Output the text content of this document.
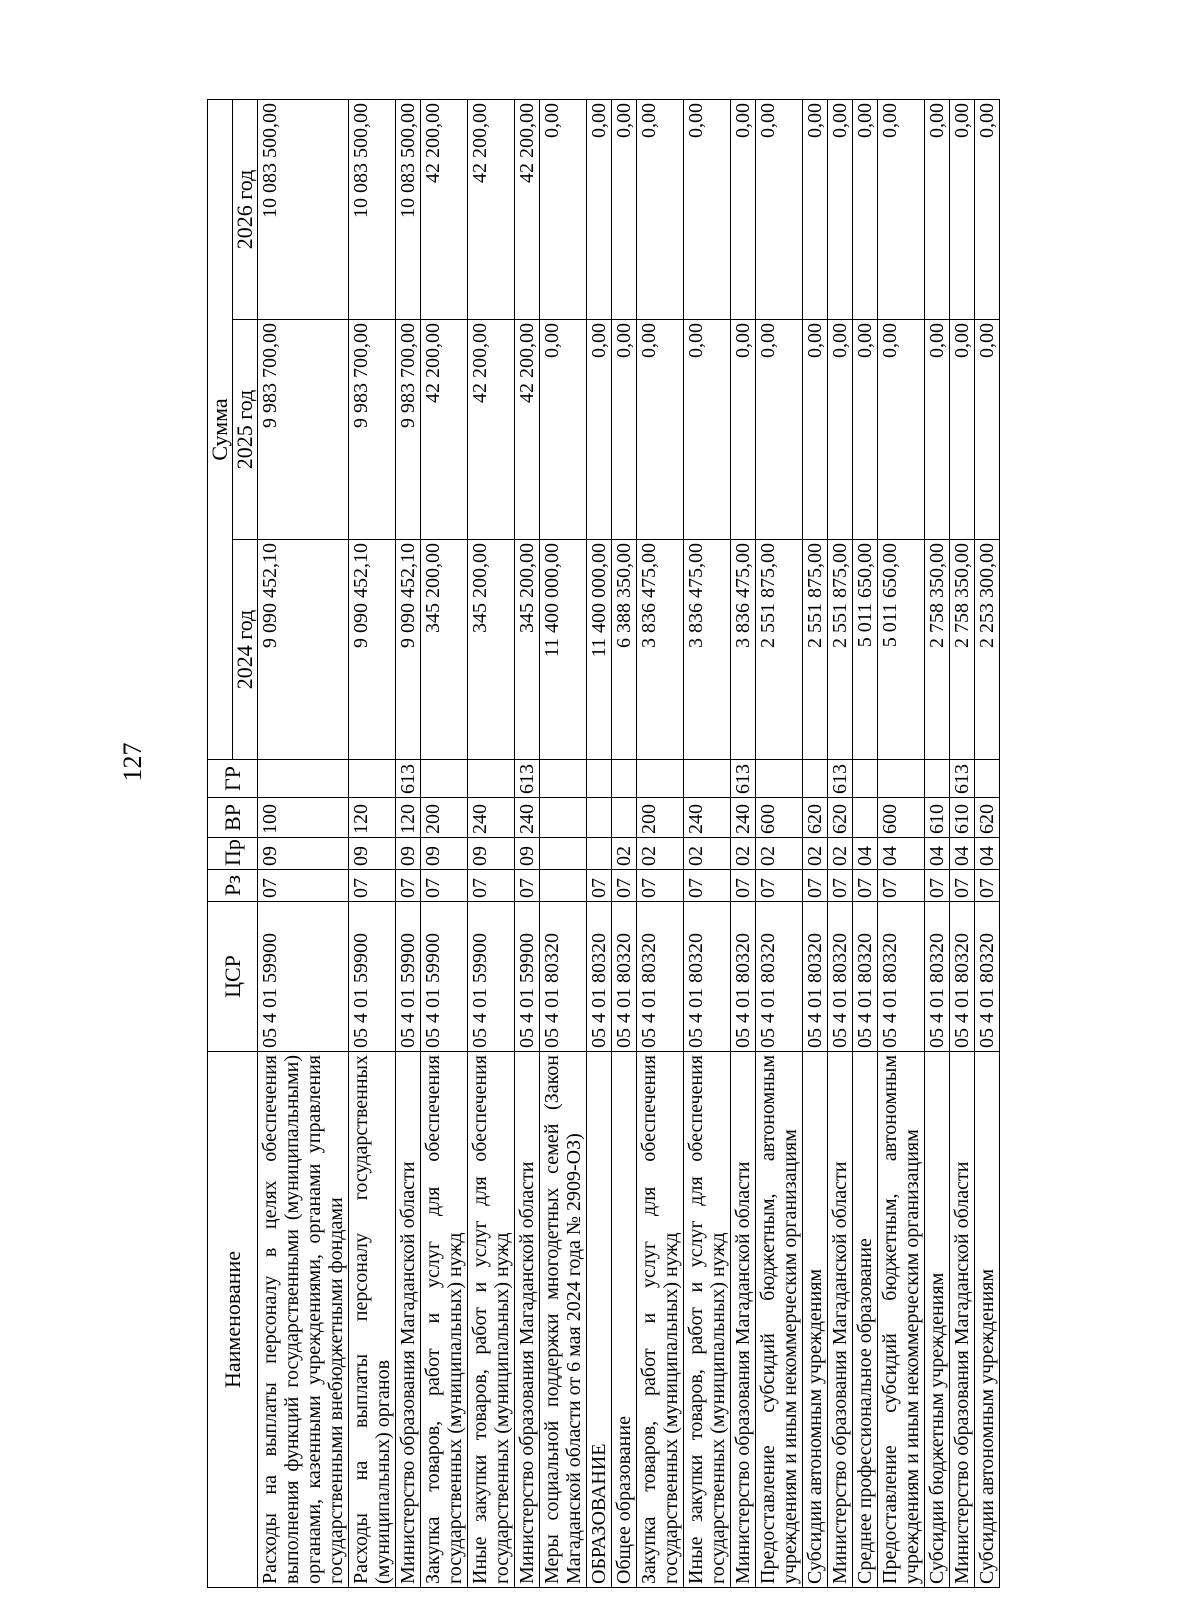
127
Наименование	ЦСР	Рз	Пр	ВР	ГР	Сумма		
						2024 год	2025 год	2026 год
Расходы на выплаты персоналу в целях обеспечения выполнения функций государственными (муниципальными) органами, казенными учреждениями, органами управления государственными внебюджетными фондами	05 4 01 59900	07	09	100		9 090 452,10	9 983 700,00	10 083 500,00
Расходы на выплаты персоналу государственных (муниципальных) органов	05 4 01 59900	07	09	120		9 090 452,10	9 983 700,00	10 083 500,00
Министерство образования Магаданской области	05 4 01 59900	07	09	120	613	9 090 452,10	9 983 700,00	10 083 500,00
Закупка товаров, работ и услуг для обеспечения государственных (муниципальных) нужд	05 4 01 59900	07	09	200		345 200,00	42 200,00	42 200,00
Иные закупки товаров, работ и услуг для обеспечения государственных (муниципальных) нужд	05 4 01 59900	07	09	240		345 200,00	42 200,00	42 200,00
Министерство образования Магаданской области	05 4 01 59900	07	09	240	613	345 200,00	42 200,00	42 200,00
Меры социальной поддержки многодетных семей (Закон Магаданской области от 6 мая 2024 года № 2909-ОЗ)	05 4 01 80320					11 400 000,00	0,00	0,00
ОБРАЗОВАНИЕ	05 4 01 80320	07				11 400 000,00	0,00	0,00
Общее образование	05 4 01 80320	07	02			6 388 350,00	0,00	0,00
Закупка товаров, работ и услуг для обеспечения государственных (муниципальных) нужд	05 4 01 80320	07	02	200		3 836 475,00	0,00	0,00
Иные закупки товаров, работ и услуг для обеспечения государственных (муниципальных) нужд	05 4 01 80320	07	02	240		3 836 475,00	0,00	0,00
Министерство образования Магаданской области	05 4 01 80320	07	02	240	613	3 836 475,00	0,00	0,00
Предоставление субсидий бюджетным, автономным учреждениям и иным некоммерческим организациям	05 4 01 80320	07	02	600		2 551 875,00	0,00	0,00
Субсидии автономным учреждениям	05 4 01 80320	07	02	620		2 551 875,00	0,00	0,00
Министерство образования Магаданской области	05 4 01 80320	07	02	620	613	2 551 875,00	0,00	0,00
Среднее профессиональное образование	05 4 01 80320	07	04			5 011 650,00	0,00	0,00
Предоставление субсидий бюджетным, автономным учреждениям и иным некоммерческим организациям	05 4 01 80320	07	04	600		5 011 650,00	0,00	0,00
Субсидии бюджетным учреждениям	05 4 01 80320	07	04	610		2 758 350,00	0,00	0,00
Министерство образования Магаданской области	05 4 01 80320	07	04	610	613	2 758 350,00	0,00	0,00
Субсидии автономным учреждениям	05 4 01 80320	07	04	620		2 253 300,00	0,00	0,00
